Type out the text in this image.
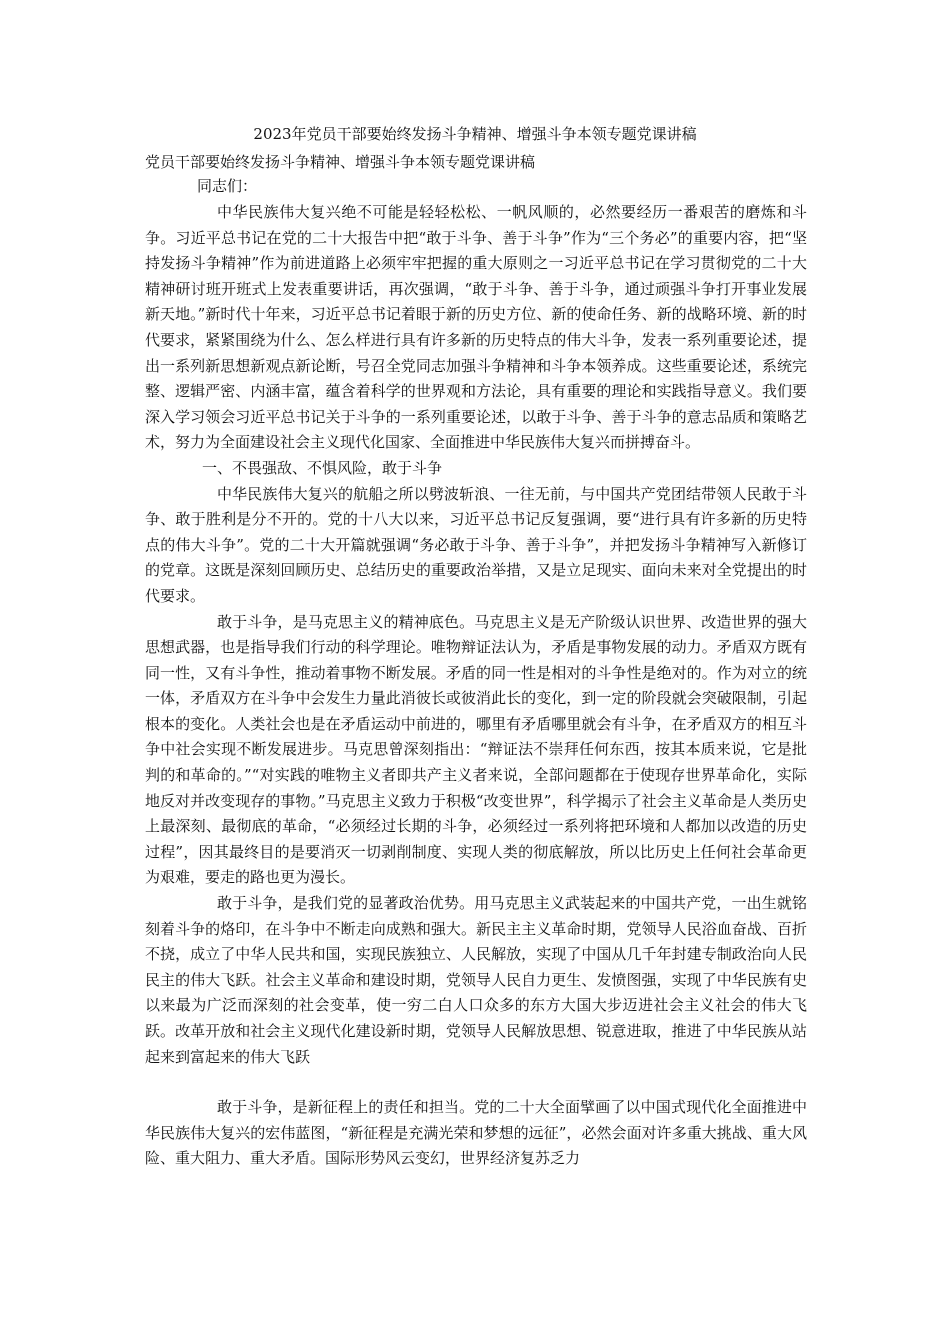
2023年党员干部要始终发扬斗争精神、增强斗争本领专题党课讲稿
党员干部要始终发扬斗争精神、增强斗争本领专题党课讲稿
同志们：

中华民族伟大复兴绝不可能是轻轻松松、一帆风顺的，必然要经历一番艰苦的磨炼和斗争。习近平总书记在党的二十大报告中把“敢于斗争、善于斗争”作为“三个务必”的重要内容，把“坚持发扬斗争精神”作为前进道路上必须牢牢把握的重大原则之一习近平总书记在学习贯彻党的二十大精神研讨班开班式上发表重要讲话，再次强调，“敢于斗争、善于斗争，通过顽强斗争打开事业发展新天地。”新时代十年来，习近平总书记着眼于新的历史方位、新的使命任务、新的战略环境、新的时代要求，紧紧围绕为什么、怎么样进行具有许多新的历史特点的伟大斗争，发表一系列重要论述，提出一系列新思想新观点新论断，号召全党同志加强斗争精神和斗争本领养成。这些重要论述，系统完整、逻辑严密、内涵丰富，蕴含着科学的世界观和方法论，具有重要的理论和实践指导意义。我们要深入学习领会习近平总书记关于斗争的一系列重要论述，以敢于斗争、善于斗争的意志品质和策略艺术，努力为全面建设社会主义现代化国家、全面推进中华民族伟大复兴而拼搏奋斗。

一、不畏强敌、不惧风险，敢于斗争

中华民族伟大复兴的航船之所以劈波斩浪、一往无前，与中国共产党团结带领人民敢于斗争、敢于胜利是分不开的。党的十八大以来，习近平总书记反复强调，要“进行具有许多新的历史特点的伟大斗争”。党的二十大开篇就强调“务必敢于斗争、善于斗争”，并把发扬斗争精神写入新修订的党章。这既是深刻回顾历史、总结历史的重要政治举措，又是立足现实、面向未来对全党提出的时代要求。

敢于斗争，是马克思主义的精神底色。马克思主义是无产阶级认识世界、改造世界的强大思想武器，也是指导我们行动的科学理论。唯物辩证法认为，矛盾是事物发展的动力。矛盾双方既有同一性，又有斗争性，推动着事物不断发展。矛盾的同一性是相对的斗争性是绝对的。作为对立的统一体，矛盾双方在斗争中会发生力量此消彼长或彼消此长的变化，到一定的阶段就会突破限制，引起根本的变化。人类社会也是在矛盾运动中前进的，哪里有矛盾哪里就会有斗争，在矛盾双方的相互斗争中社会实现不断发展进步。马克思曾深刻指出：“辩证法不崇拜任何东西，按其本质来说，它是批判的和革命的。”“对实践的唯物主义者即共产主义者来说，全部问题都在于使现存世界革命化，实际地反对并改变现存的事物。”马克思主义致力于积极“改变世界”，科学揭示了社会主义革命是人类历史上最深刻、最彻底的革命，“必须经过长期的斗争，必须经过一系列将把环境和人都加以改造的历史过程”，因其最终目的是要消灭一切剥削制度、实现人类的彻底解放，所以比历史上任何社会革命更为艰难，要走的路也更为漫长。

敢于斗争，是我们党的显著政治优势。用马克思主义武装起来的中国共产党，一出生就铭刻着斗争的烙印，在斗争中不断走向成熟和强大。新民主主义革命时期，党领导人民浴血奋战、百折不挠，成立了中华人民共和国，实现民族独立、人民解放，实现了中国从几千年封建专制政治向人民民主的伟大飞跃。社会主义革命和建设时期，党领导人民自力更生、发愤图强，实现了中华民族有史以来最为广泛而深刻的社会变革，使一穷二白人口众多的东方大国大步迈进社会主义社会的伟大飞跃。改革开放和社会主义现代化建设新时期，党领导人民解放思想、锐意进取，推进了中华民族从站起来到富起来的伟大飞跃

敢于斗争，是新征程上的责任和担当。党的二十大全面擘画了以中国式现代化全面推进中华民族伟大复兴的宏伟蓝图，“新征程是充满光荣和梦想的远征”，必然会面对许多重大挑战、重大风险、重大阻力、重大矛盾。国际形势风云变幻，世界经济复苏乏力
